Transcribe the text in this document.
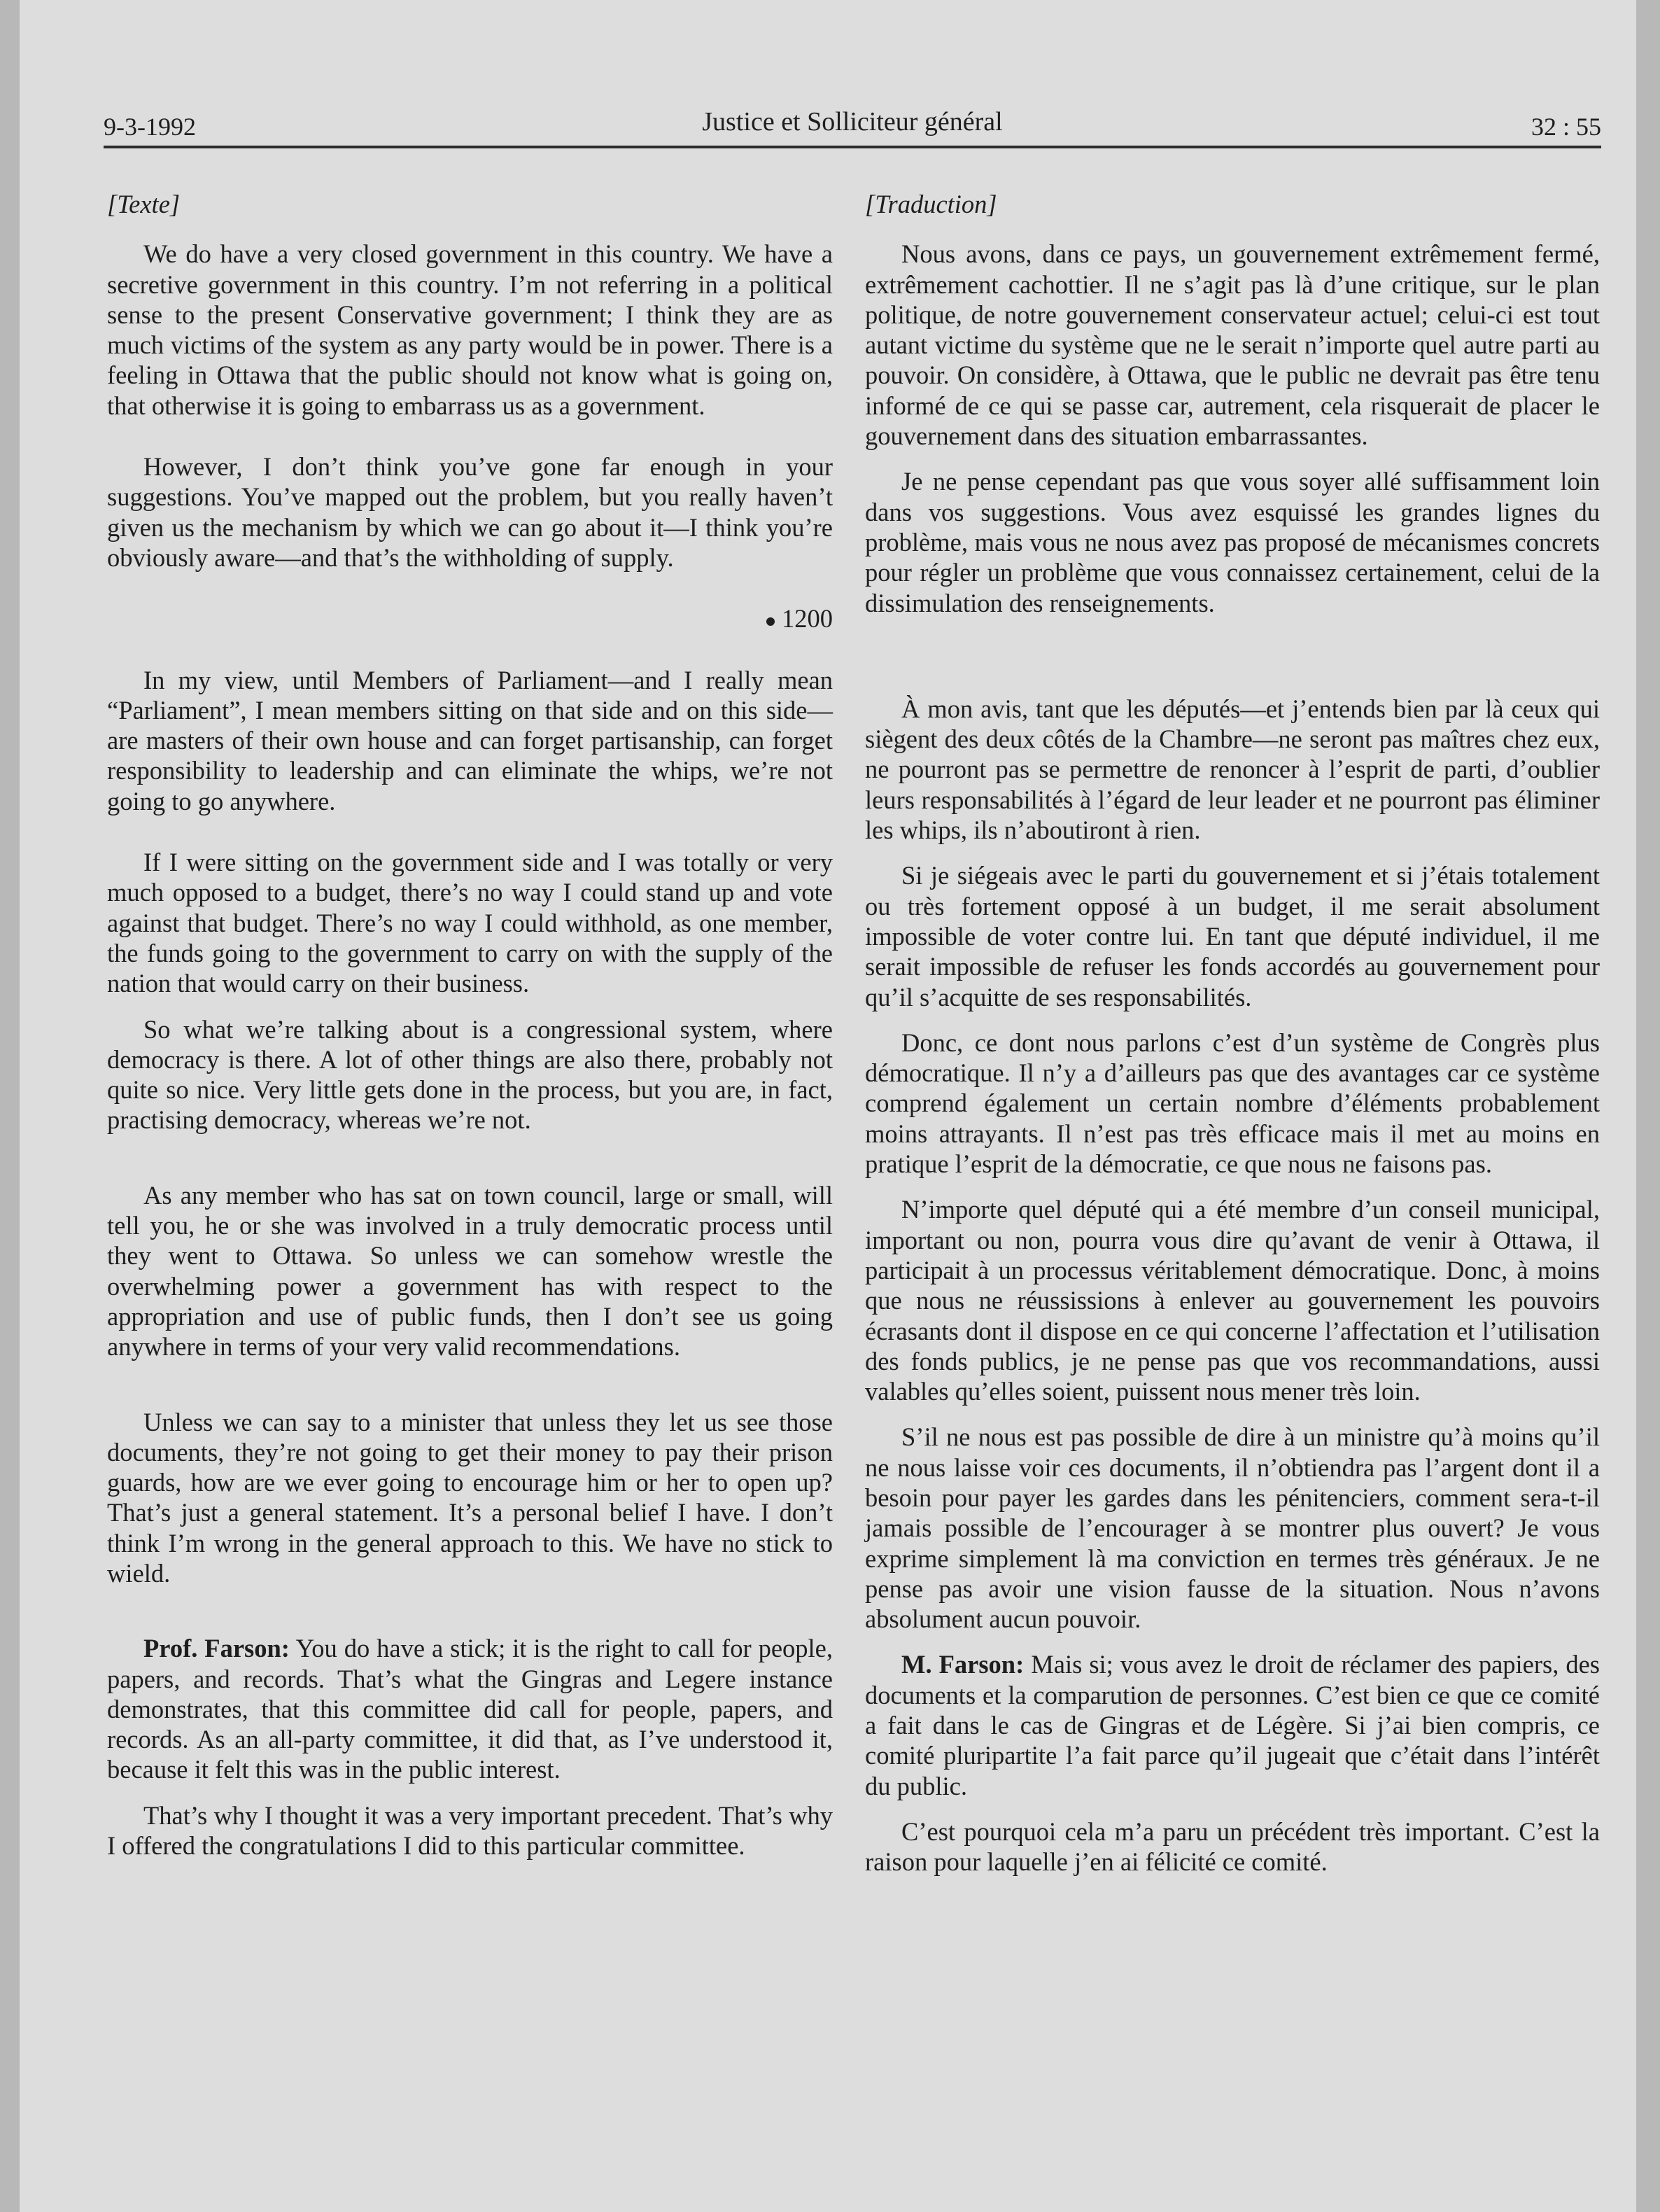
9-3-1992	Justice et Solliciteur général	32 : 55
[Texte]

We do have a very closed government in this country. We have a secretive government in this country. I’m not referring in a political sense to the present Conservative government; I think they are as much victims of the system as any party would be in power. There is a feeling in Ottawa that the public should not know what is going on, that otherwise it is going to embarrass us as a government.

However, I don’t think you’ve gone far enough in your suggestions. You’ve mapped out the problem, but you really haven’t given us the mechanism by which we can go about it—I think you’re obviously aware—and that’s the withholding of supply.

1200

In my view, until Members of Parliament—and I really mean “Parliament”, I mean members sitting on that side and on this side—are masters of their own house and can forget partisanship, can forget responsibility to leadership and can eliminate the whips, we’re not going to go anywhere.

If I were sitting on the government side and I was totally or very much opposed to a budget, there’s no way I could stand up and vote against that budget. There’s no way I could withhold, as one member, the funds going to the government to carry on with the supply of the nation that would carry on their business.

So what we’re talking about is a congressional system, where democracy is there. A lot of other things are also there, probably not quite so nice. Very little gets done in the process, but you are, in fact, practising democracy, whereas we’re not.

As any member who has sat on town council, large or small, will tell you, he or she was involved in a truly democratic process until they went to Ottawa. So unless we can somehow wrestle the overwhelming power a government has with respect to the appropriation and use of public funds, then I don’t see us going anywhere in terms of your very valid recommendations.

Unless we can say to a minister that unless they let us see those documents, they’re not going to get their money to pay their prison guards, how are we ever going to encourage him or her to open up? That’s just a general statement. It’s a personal belief I have. I don’t think I’m wrong in the general approach to this. We have no stick to wield.

Prof. Farson: You do have a stick; it is the right to call for people, papers, and records. That’s what the Gingras and Legere instance demonstrates, that this committee did call for people, papers, and records. As an all-party committee, it did that, as I’ve understood it, because it felt this was in the public interest.

That’s why I thought it was a very important precedent. That’s why I offered the congratulations I did to this particular committee.

[Traduction]

Nous avons, dans ce pays, un gouvernement extrêmement fermé, extrêmement cachottier. Il ne s’agit pas là d’une critique, sur le plan politique, de notre gouvernement conservateur actuel; celui-ci est tout autant victime du système que ne le serait n’importe quel autre parti au pouvoir. On considère, à Ottawa, que le public ne devrait pas être tenu informé de ce qui se passe car, autrement, cela risquerait de placer le gouvernement dans des situation embarrassantes.

Je ne pense cependant pas que vous soyer allé suffisamment loin dans vos suggestions. Vous avez esquissé les grandes lignes du problème, mais vous ne nous avez pas proposé de mécanismes concrets pour régler un problème que vous connaissez certainement, celui de la dissimulation des renseignements.

À mon avis, tant que les députés—et j’entends bien par là ceux qui siègent des deux côtés de la Chambre—ne seront pas maîtres chez eux, ne pourront pas se permettre de renoncer à l’esprit de parti, d’oublier leurs responsabilités à l’égard de leur leader et ne pourront pas éliminer les whips, ils n’aboutiront à rien.

Si je siégeais avec le parti du gouvernement et si j’étais totalement ou très fortement opposé à un budget, il me serait absolument impossible de voter contre lui. En tant que député individuel, il me serait impossible de refuser les fonds accordés au gouvernement pour qu’il s’acquitte de ses responsabilités.

Donc, ce dont nous parlons c’est d’un système de Congrès plus démocratique. Il n’y a d’ailleurs pas que des avantages car ce système comprend également un certain nombre d’éléments probablement moins attrayants. Il n’est pas très efficace mais il met au moins en pratique l’esprit de la démocratie, ce que nous ne faisons pas.

N’importe quel député qui a été membre d’un conseil municipal, important ou non, pourra vous dire qu’avant de venir à Ottawa, il participait à un processus véritablement démocratique. Donc, à moins que nous ne réussissions à enlever au gouvernement les pouvoirs écrasants dont il dispose en ce qui concerne l’affectation et l’utilisation des fonds publics, je ne pense pas que vos recommandations, aussi valables qu’elles soient, puissent nous mener très loin.

S’il ne nous est pas possible de dire à un ministre qu’à moins qu’il ne nous laisse voir ces documents, il n’obtiendra pas l’argent dont il a besoin pour payer les gardes dans les pénitenciers, comment sera-t-il jamais possible de l’encourager à se montrer plus ouvert? Je vous exprime simplement là ma conviction en termes très généraux. Je ne pense pas avoir une vision fausse de la situation. Nous n’avons absolument aucun pouvoir.

M. Farson: Mais si; vous avez le droit de réclamer des papiers, des documents et la comparution de personnes. C’est bien ce que ce comité a fait dans le cas de Gingras et de Légère. Si j’ai bien compris, ce comité pluripartite l’a fait parce qu’il jugeait que c’était dans l’intérêt du public.

C’est pourquoi cela m’a paru un précédent très important. C’est la raison pour laquelle j’en ai félicité ce comité.
